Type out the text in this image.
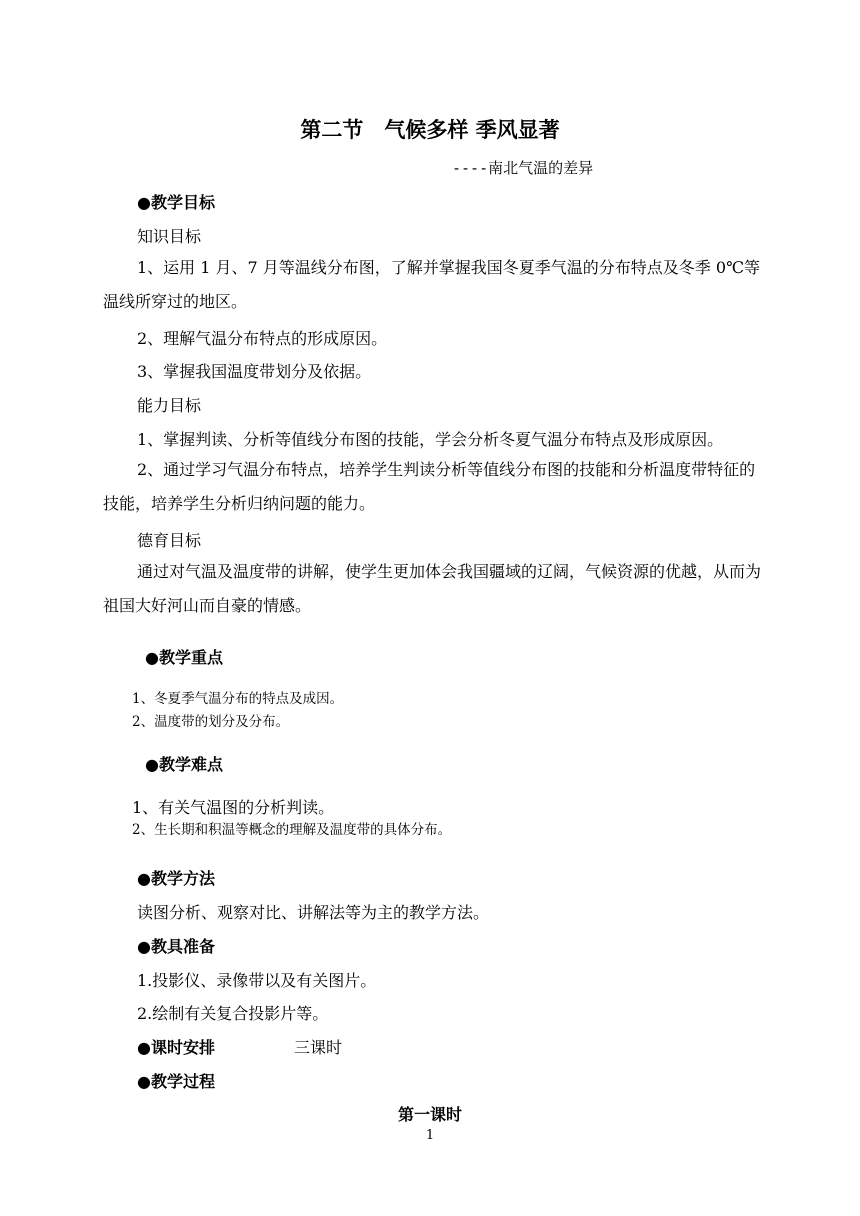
第二节　气候多样 季风显著
----南北气温的差异
●教学目标
知识目标
1、运用 1 月、7 月等温线分布图，了解并掌握我国冬夏季气温的分布特点及冬季 0℃等温线所穿过的地区。
2、理解气温分布特点的形成原因。
3、掌握我国温度带划分及依据。
能力目标
1、掌握判读、分析等值线分布图的技能，学会分析冬夏气温分布特点及形成原因。
2、通过学习气温分布特点，培养学生判读分析等值线分布图的技能和分析温度带特征的技能，培养学生分析归纳问题的能力。
德育目标
通过对气温及温度带的讲解，使学生更加体会我国疆域的辽阔，气候资源的优越，从而为祖国大好河山而自豪的情感。
●教学重点
1、冬夏季气温分布的特点及成因。
2、温度带的划分及分布。
●教学难点
1、有关气温图的分析判读。
2、生长期和积温等概念的理解及温度带的具体分布。
●教学方法
读图分析、观察对比、讲解法等为主的教学方法。
●教具准备
1.投影仪、录像带以及有关图片。
2.绘制有关复合投影片等。
●课时安排	三课时
●教学过程
第一课时
1
